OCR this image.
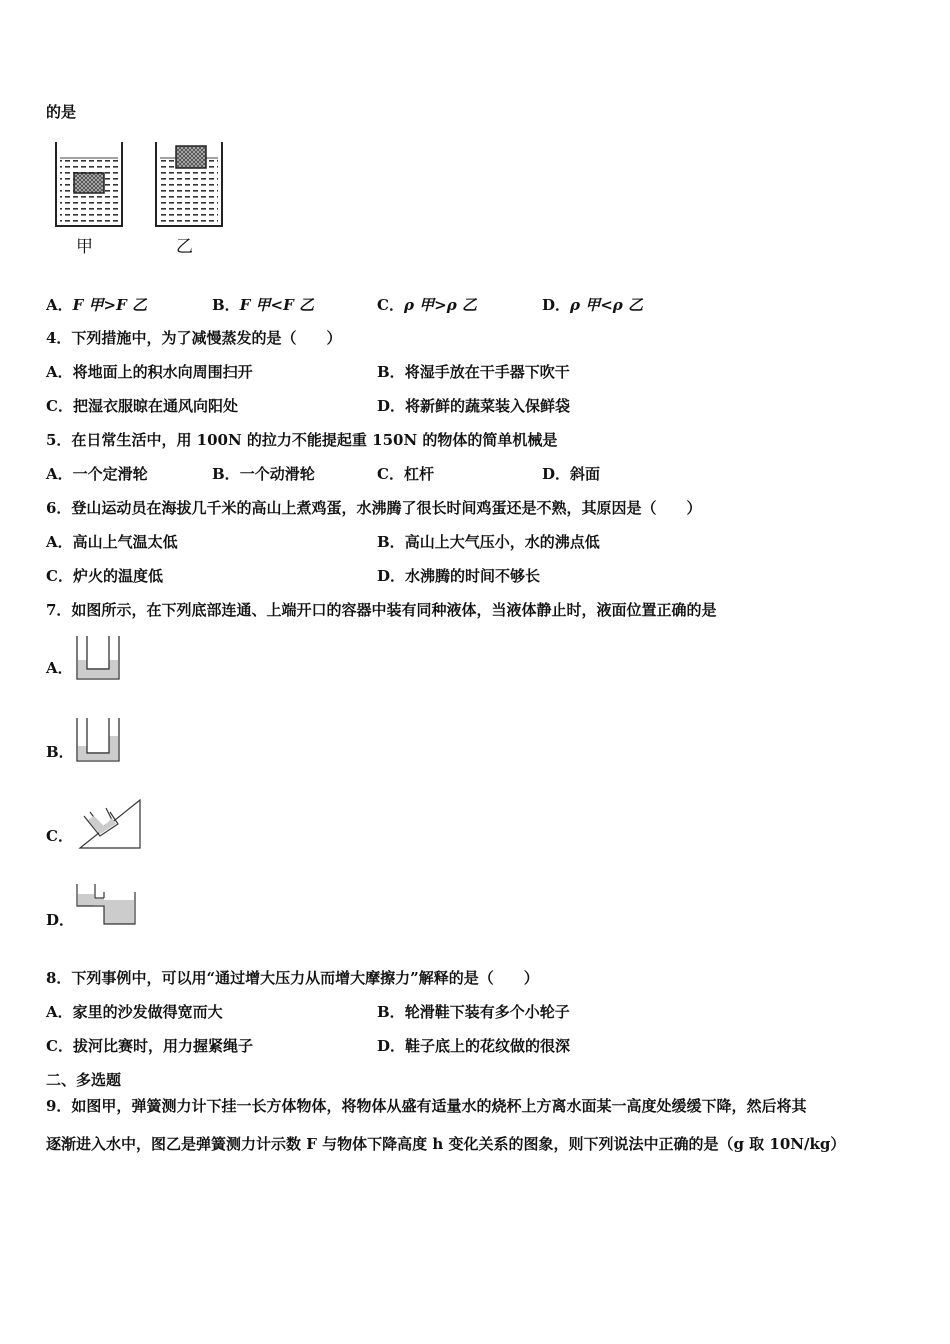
的是
甲	乙
A．F 甲>F 乙	B．F 甲<F 乙	C．ρ 甲>ρ 乙	D．ρ 甲<ρ 乙
4．下列措施中，为了减慢蒸发的是（　　）
A．将地面上的积水向周围扫开	B．将湿手放在干手器下吹干
C．把湿衣服晾在通风向阳处	D．将新鲜的蔬菜装入保鲜袋
5．在日常生活中，用 100N 的拉力不能提起重 150N 的物体的简单机械是
A．一个定滑轮	B．一个动滑轮	C．杠杆	D．斜面
6．登山运动员在海拔几千米的高山上煮鸡蛋，水沸腾了很长时间鸡蛋还是不熟，其原因是（　　）
A．高山上气温太低	B．高山上大气压小，水的沸点低
C．炉火的温度低	D．水沸腾的时间不够长
7．如图所示，在下列底部连通、上端开口的容器中装有同种液体，当液体静止时，液面位置正确的是
A．
B．
C．
D．
8．下列事例中，可以用“通过增大压力从而增大摩擦力”解释的是（　　）
A．家里的沙发做得宽而大	B．轮滑鞋下装有多个小轮子
C．拔河比赛时，用力握紧绳子	D．鞋子底上的花纹做的很深
二、多选题
9．如图甲，弹簧测力计下挂一长方体物体，将物体从盛有适量水的烧杯上方离水面某一高度处缓缓下降，然后将其
逐渐进入水中，图乙是弹簧测力计示数 F 与物体下降高度 h 变化关系的图象，则下列说法中正确的是（g 取 10N/kg）
